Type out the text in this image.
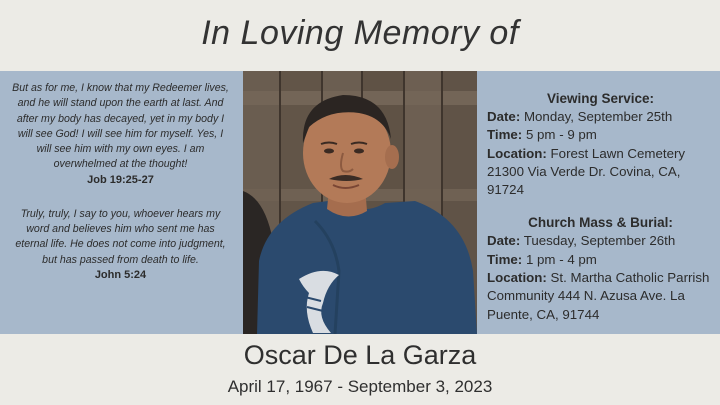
In Loving Memory of
But as for me, I know that my Redeemer lives, and he will stand upon the earth at last. And after my body has decayed, yet in my body I will see God! I will see him for myself. Yes, I will see him with my own eyes. I am overwhelmed at the thought!
Job 19:25-27
Truly, truly, I say to you, whoever hears my word and believes him who sent me has eternal life. He does not come into judgment, but has passed from death to life.
John 5:24
Viewing Service:
Date: Monday, September 25th
Time: 5 pm - 9 pm
Location: Forest Lawn Cemetery 21300 Via Verde Dr. Covina, CA, 91724
Church Mass & Burial:
Date: Tuesday, September 26th
Time: 1 pm - 4 pm
Location: St. Martha Catholic Parrish Community 444 N. Azusa Ave. La Puente, CA, 91744
Oscar De La Garza
April 17, 1967 - September 3, 2023
